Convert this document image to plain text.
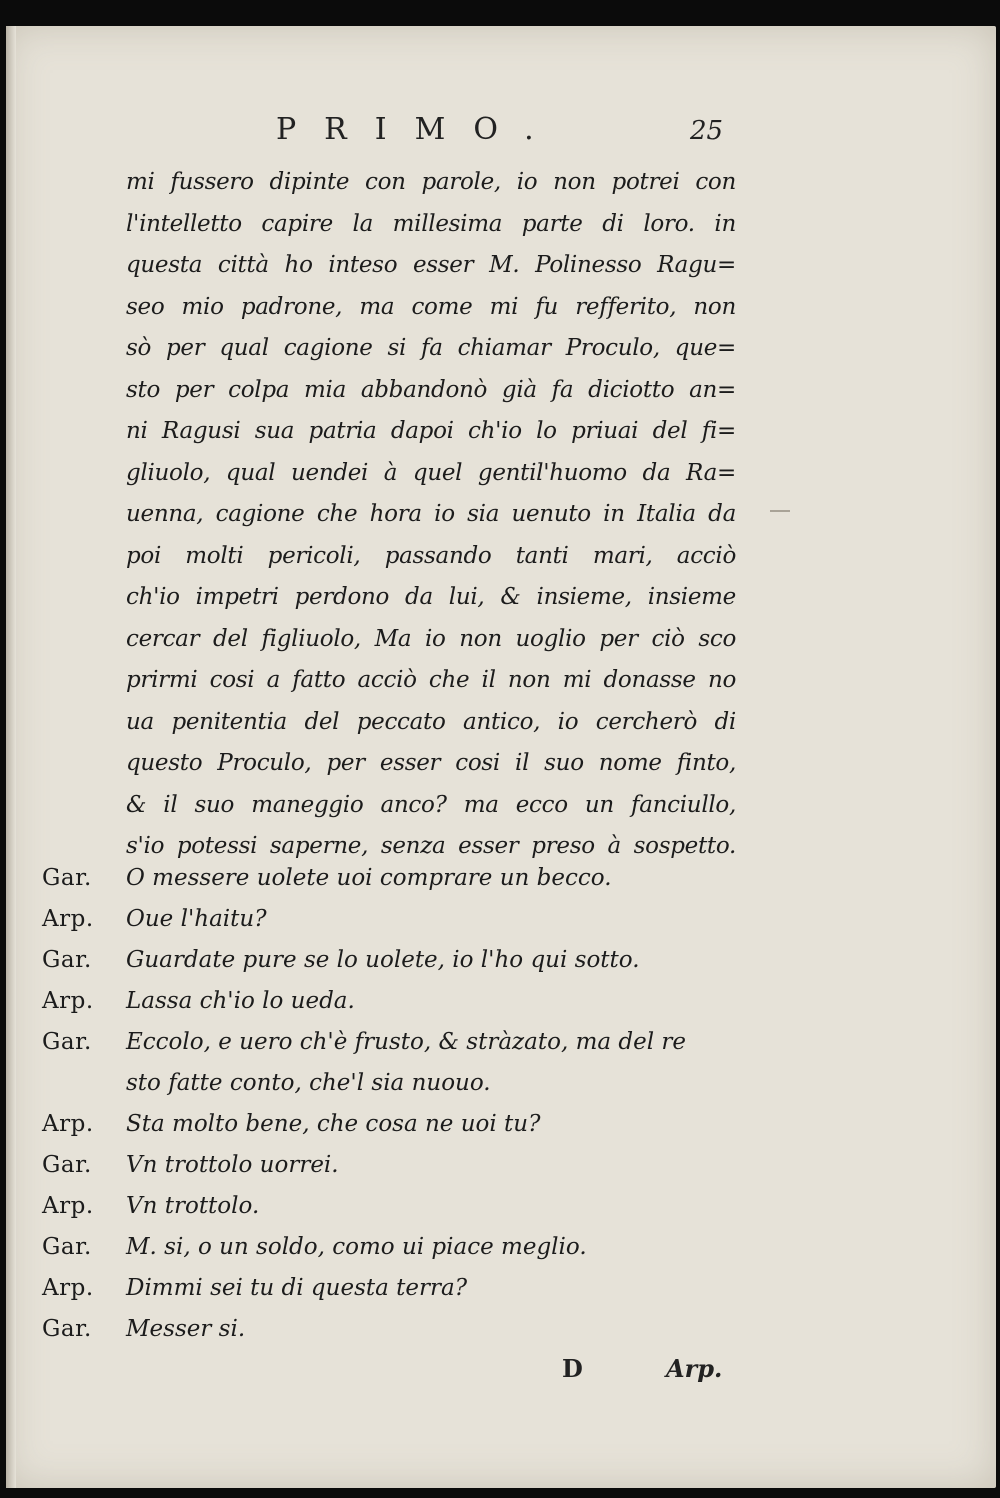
PRIMO.	25
mi fussero dipinte con parole, io non potrei con
l'intelletto capire la millesima parte di loro. in
questa città ho inteso esser M. Polinesso Ragu=
seo mio padrone, ma come mi fu refferito, non
sò per qual cagione si fa chiamar Proculo, que=
sto per colpa mia abbandonò già fa diciotto an=
ni Ragusi sua patria dapoi ch'io lo priuai del fi=
gliuolo, qual uendei à quel gentil'huomo da Ra=
uenna, cagione che hora io sia uenuto in Italia da
poi molti pericoli, passando tanti mari, acciò
ch'io impetri perdono da lui, & insieme, insieme
cercar del figliuolo, Ma io non uoglio per ciò sco
prirmi cosi a fatto acciò che il non mi donasse no
ua penitentia del peccato antico, io cercherò di
questo Proculo, per esser cosi il suo nome finto,
& il suo maneggio anco? ma ecco un fanciullo,
s'io potessi saperne, senza esser preso à sospetto.
Gar.	O messere uolete uoi comprare un becco.
Arp.	Oue l'haitu?
Gar.	Guardate pure se lo uolete, io l'ho qui sotto.
Arp.	Lassa ch'io lo ueda.
Gar.	Eccolo, e uero ch'è frusto, & stràzato, ma del re
sto fatte conto, che'l sia nuouo.
Arp.	Sta molto bene, che cosa ne uoi tu?
Gar.	Vn trottolo uorrei.
Arp.	Vn trottolo.
Gar.	M. si, o un soldo, como ui piace meglio.
Arp.	Dimmi sei tu di questa terra?
Gar.	Messer si.
D	Arp.
